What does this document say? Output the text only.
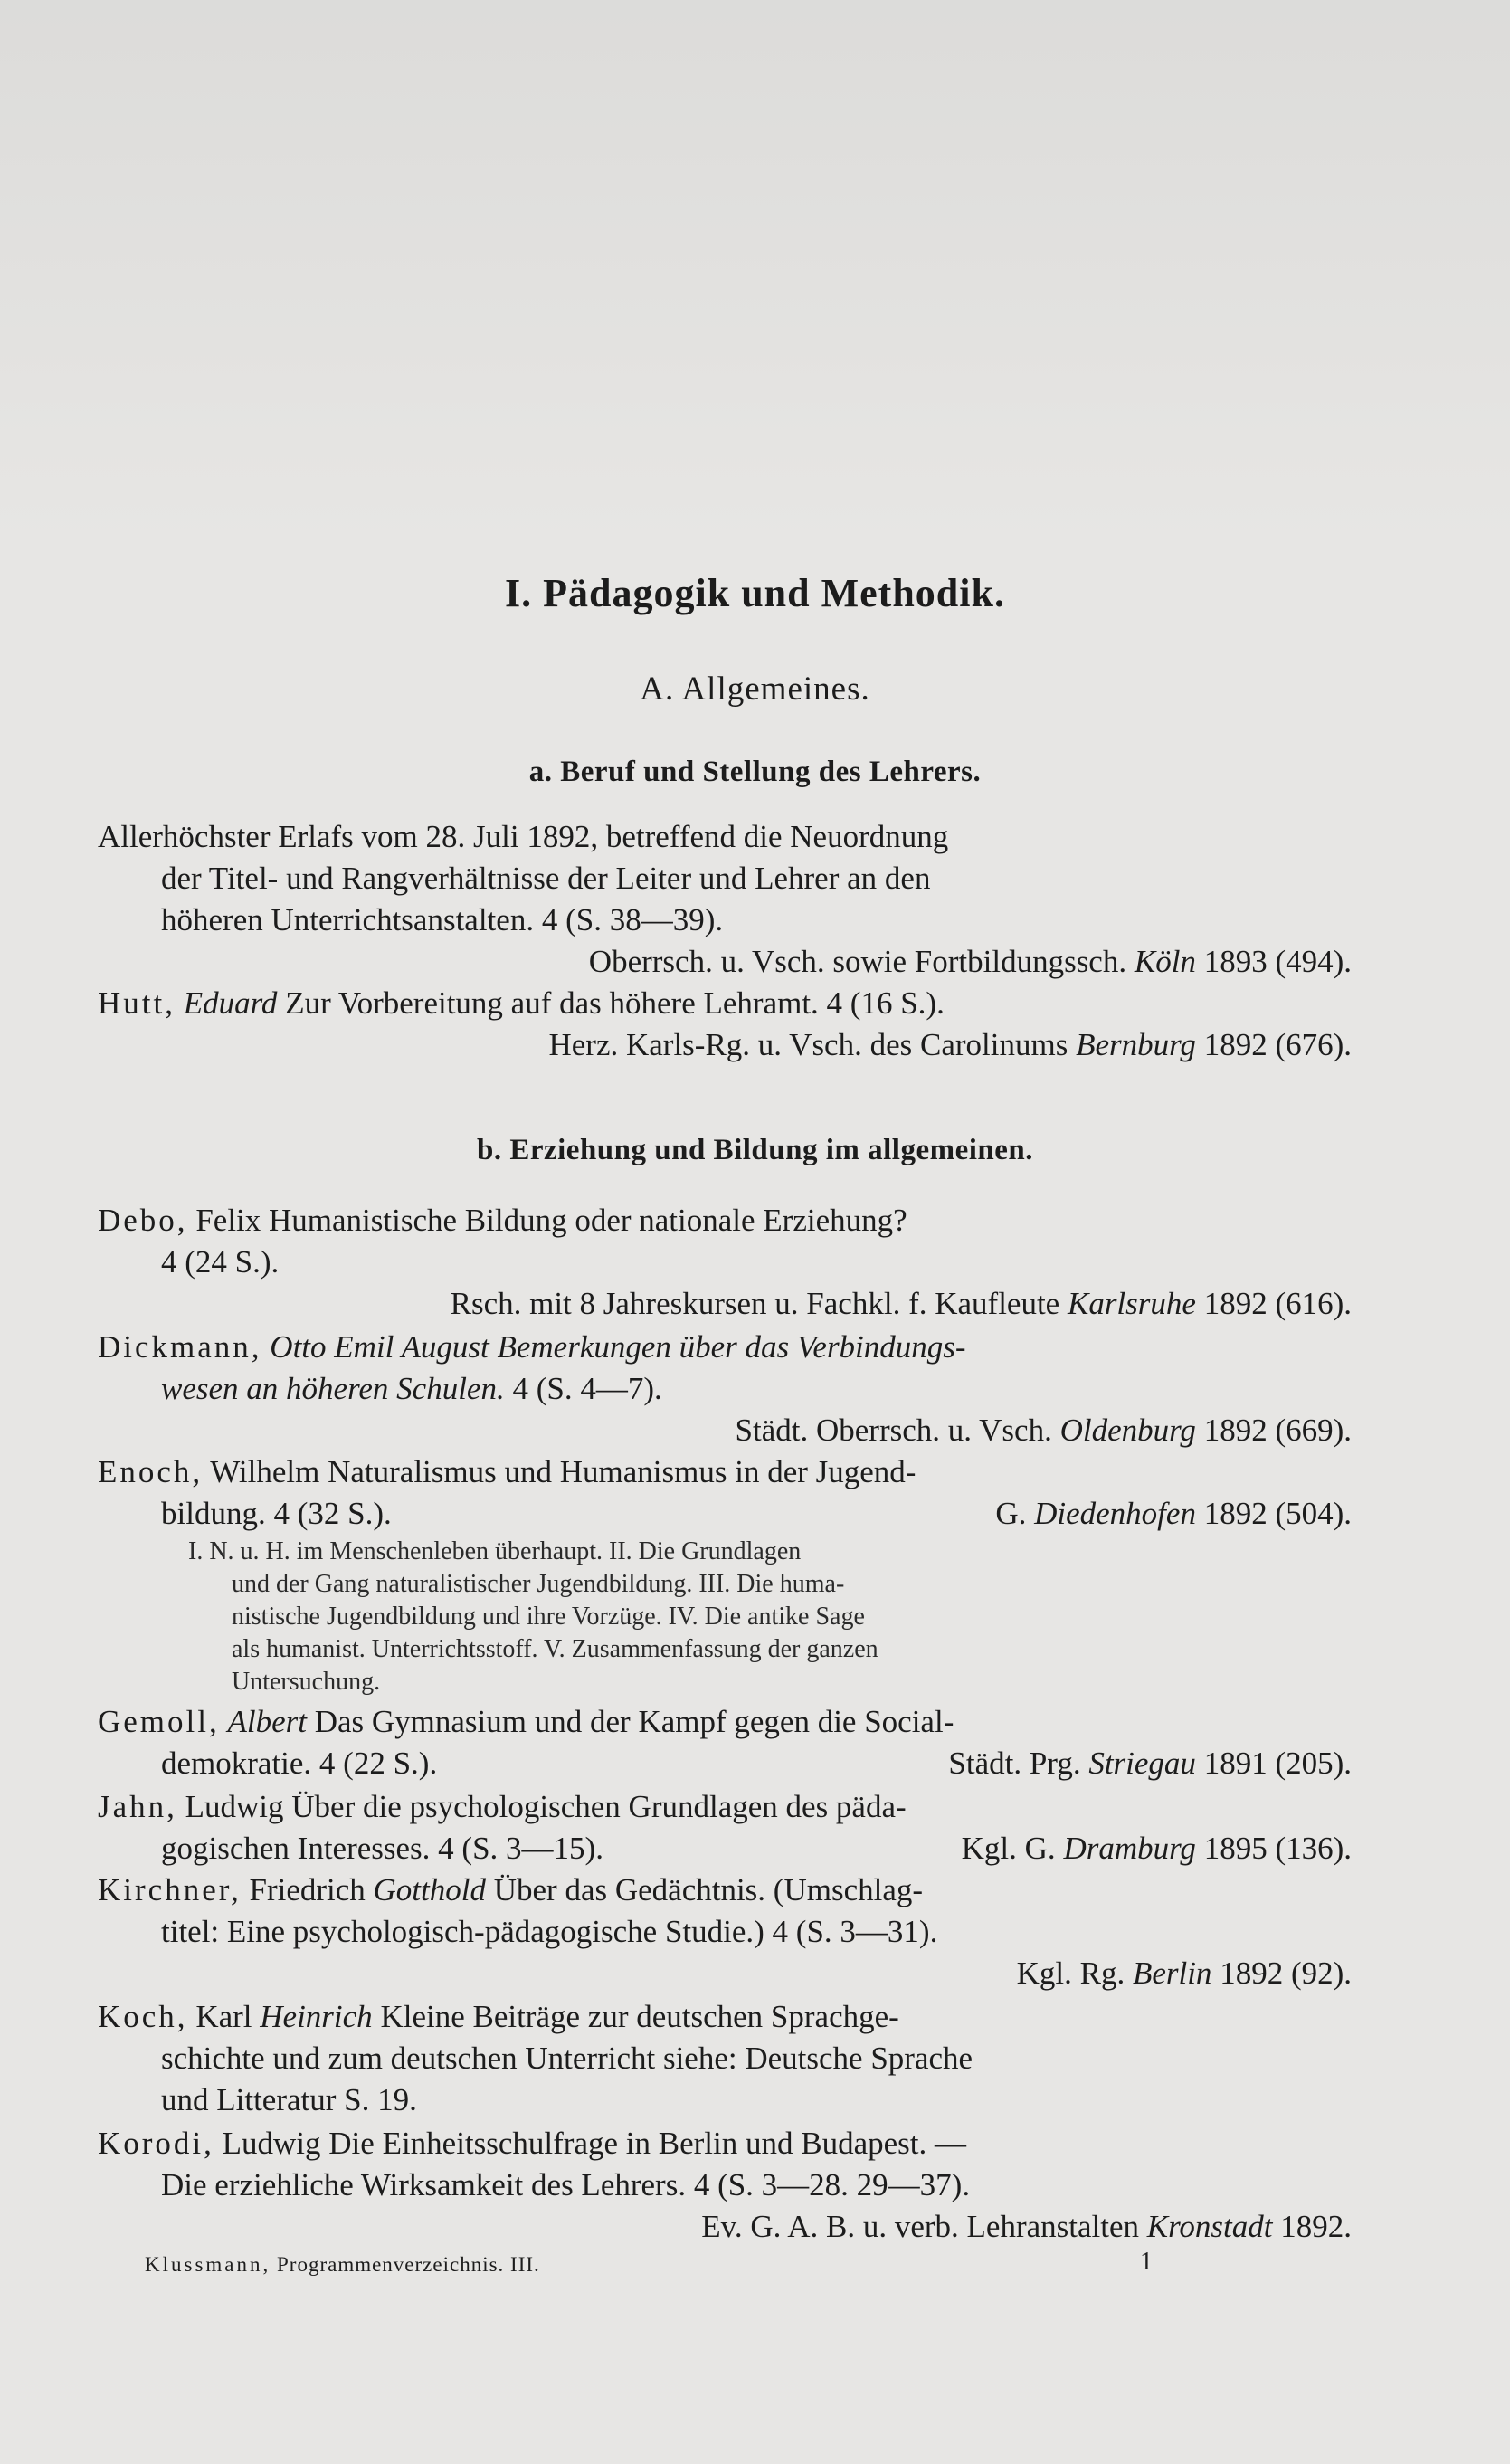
I. Pädagogik und Methodik.
A. Allgemeines.
a. Beruf und Stellung des Lehrers.
Allerhöchster Erlafs vom 28. Juli 1892, betreffend die Neuordnung
der Titel- und Rangverhältnisse der Leiter und Lehrer an den
höheren Unterrichtsanstalten. 4 (S. 38—39).
Oberrsch. u. Vsch. sowie Fortbildungssch. Köln 1893 (494).
Hutt, Eduard Zur Vorbereitung auf das höhere Lehramt. 4 (16 S.).
Herz. Karls-Rg. u. Vsch. des Carolinums Bernburg 1892 (676).
b. Erziehung und Bildung im allgemeinen.
Debo, Felix Humanistische Bildung oder nationale Erziehung?
4 (24 S.).
Rsch. mit 8 Jahreskursen u. Fachkl. f. Kaufleute Karlsruhe 1892 (616).
Dickmann, Otto Emil August Bemerkungen über das Verbindungs-
wesen an höheren Schulen. 4 (S. 4—7).
Städt. Oberrsch. u. Vsch. Oldenburg 1892 (669).
Enoch, Wilhelm Naturalismus und Humanismus in der Jugend-
bildung. 4 (32 S.).	G. Diedenhofen 1892 (504).
I. N. u. H. im Menschenleben überhaupt. II. Die Grundlagen
und der Gang naturalistischer Jugendbildung. III. Die huma-
nistische Jugendbildung und ihre Vorzüge. IV. Die antike Sage
als humanist. Unterrichtsstoff. V. Zusammenfassung der ganzen
Untersuchung.
Gemoll, Albert Das Gymnasium und der Kampf gegen die Social-
demokratie. 4 (22 S.).	Städt. Prg. Striegau 1891 (205).
Jahn, Ludwig Über die psychologischen Grundlagen des päda-
gogischen Interesses. 4 (S. 3—15).	Kgl. G. Dramburg 1895 (136).
Kirchner, Friedrich Gotthold Über das Gedächtnis. (Umschlag-
titel: Eine psychologisch-pädagogische Studie.) 4 (S. 3—31).
Kgl. Rg. Berlin 1892 (92).
Koch, Karl Heinrich Kleine Beiträge zur deutschen Sprachge-
schichte und zum deutschen Unterricht siehe: Deutsche Sprache
und Litteratur S. 19.
Korodi, Ludwig Die Einheitsschulfrage in Berlin und Budapest. —
Die erziehliche Wirksamkeit des Lehrers. 4 (S. 3—28. 29—37).
Ev. G. A. B. u. verb. Lehranstalten Kronstadt 1892.
Klussmann, Programmenverzeichnis. III.	1
